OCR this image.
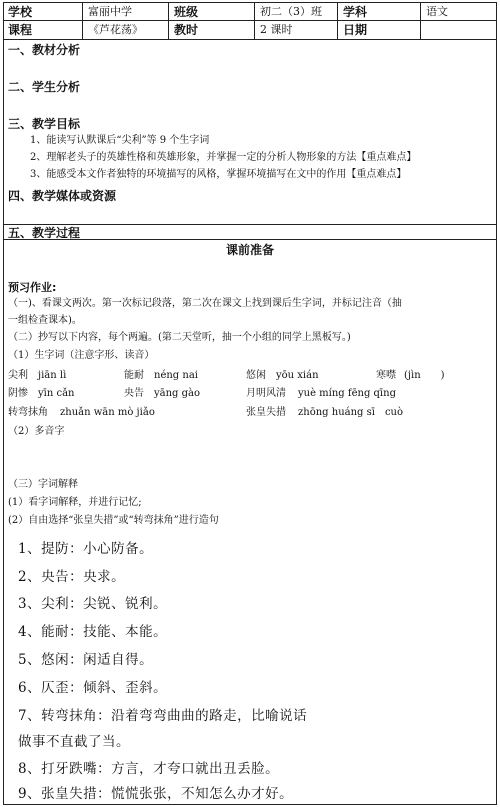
学校	富丽中学	班级	初二（3）班 学科	语文
课程	《芦花荡》	教时	2 课时	日期
一、教材分析
二、学生分析
三、教学目标
1、能读写认默课后“尖利”等 9 个生字词
2、理解老头子的英雄性格和英雄形象，并掌握一定的分析人物形象的方法【重点难点】
3、能感受本文作者独特的环境描写的风格，掌握环境描写在文中的作用【重点难点】
四、教学媒体或资源
五、教学过程
课前准备
预习作业:
（一)、看课文两次。第一次标记段落，第二次在课文上找到课后生字词，并标记注音（抽
一组检查课本)。
（二）抄写以下内容，每个两遍。(第二天堂听，抽一个小组的同学上黑板写。)
（1）生字词（注意字形、读音）
尖利 jiān lì	能耐 néng nai	悠闲 yōu xián	寒噤 (jìn　　)
阴惨 yīn cǎn	央告 yāng gào	月明风清 yuè míng fēng qīng
转弯抹角 zhuǎn wān mò jiǎo	张皇失措 zhōng huáng sī　cuò
（2）多音字
（三）字词解释
(1）看字词解释，并进行记忆;
(2）自由选择“张皇失措”或“转弯抹角”进行造句
1、提防：小心防备。
2、央告：央求。
3、尖利：尖锐、锐利。
4、能耐：技能、本能。
5、悠闲：闲适自得。
6、仄歪：倾斜、歪斜。
7、转弯抹角：沿着弯弯曲曲的路走，比喻说话
做事不直截了当。
8、打牙跌嘴：方言，才夸口就出丑丢脸。
9、张皇失措：慌慌张张，不知怎么办才好。
